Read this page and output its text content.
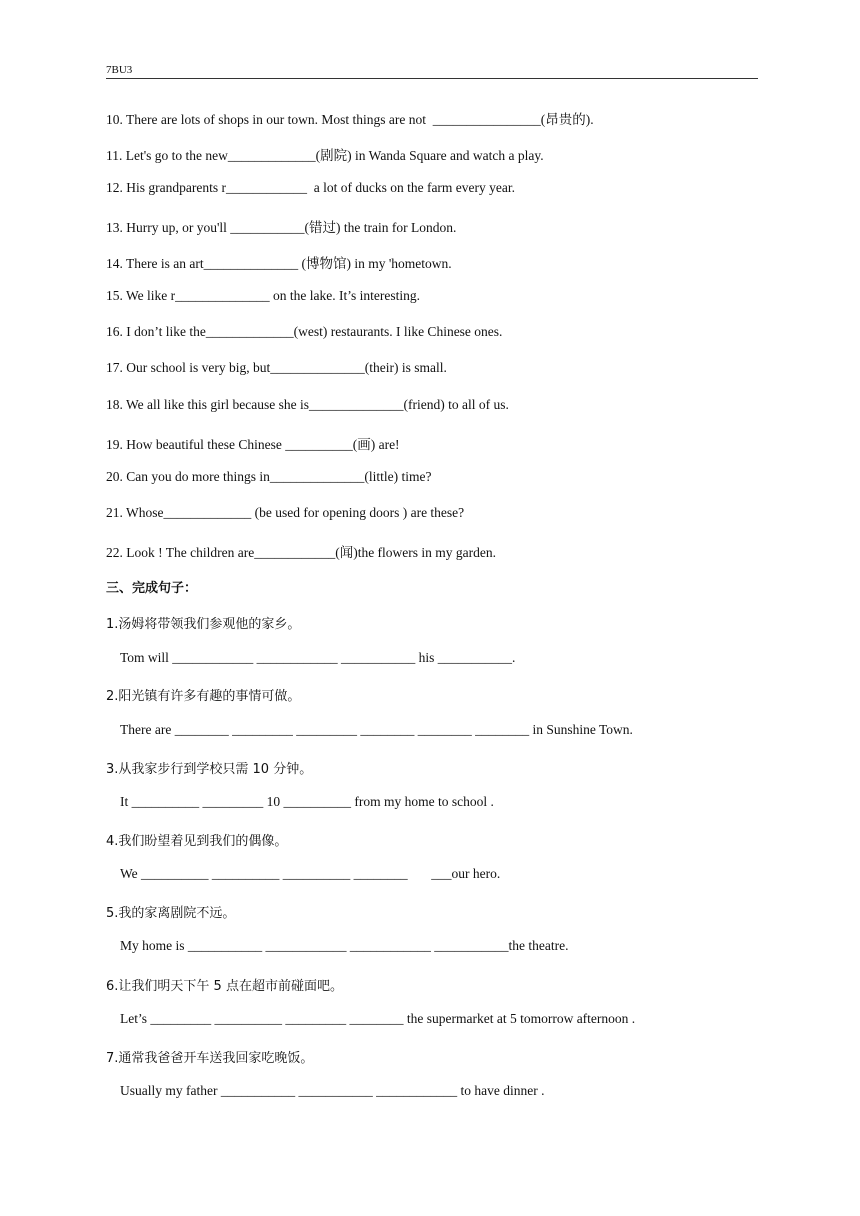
7BU3
10. There are lots of shops in our town. Most things are not  ________________(昂贵的).
11. Let's go to the new_____________(剧院) in Wanda Square and watch a play.
12. His grandparents r____________  a lot of ducks on the farm every year.
13. Hurry up, or you'll ___________(错过) the train for London.
14. There is an art______________ (博物馆) in my 'hometown.
15. We like r______________ on the lake. It’s interesting.
16. I don’t like the_____________(west) restaurants. I like Chinese ones.
17. Our school is very big, but______________(their) is small.
18. We all like this girl because she is______________(friend) to all of us.
19. How beautiful these Chinese __________(画) are!
20. Can you do more things in______________(little) time?
21. Whose_____________ (be used for opening doors ) are these?
22. Look ! The children are____________(闻)the flowers in my garden.
三、完成句子：
1.汤姆将带领我们参观他的家乡。
Tom will ____________ ____________ ___________ his ___________.
2.阳光镇有许多有趣的事情可做。
There are ________ _________ _________ ________ ________ ________ in Sunshine Town.
3.从我家步行到学校只需 10 分钟。
It __________ _________ 10 __________ from my home to school .
4.我们盼望着见到我们的偶像。
We __________ __________ __________ ________       ___our hero.
5.我的家离剧院不远。
My home is ___________ ____________ ____________ ___________the theatre.
6.让我们明天下午 5 点在超市前碰面吧。
Let’s _________ __________ _________ ________ the supermarket at 5 tomorrow afternoon .
7.通常我爸爸开车送我回家吃晚饭。
Usually my father ___________ ___________ ____________ to have dinner .
